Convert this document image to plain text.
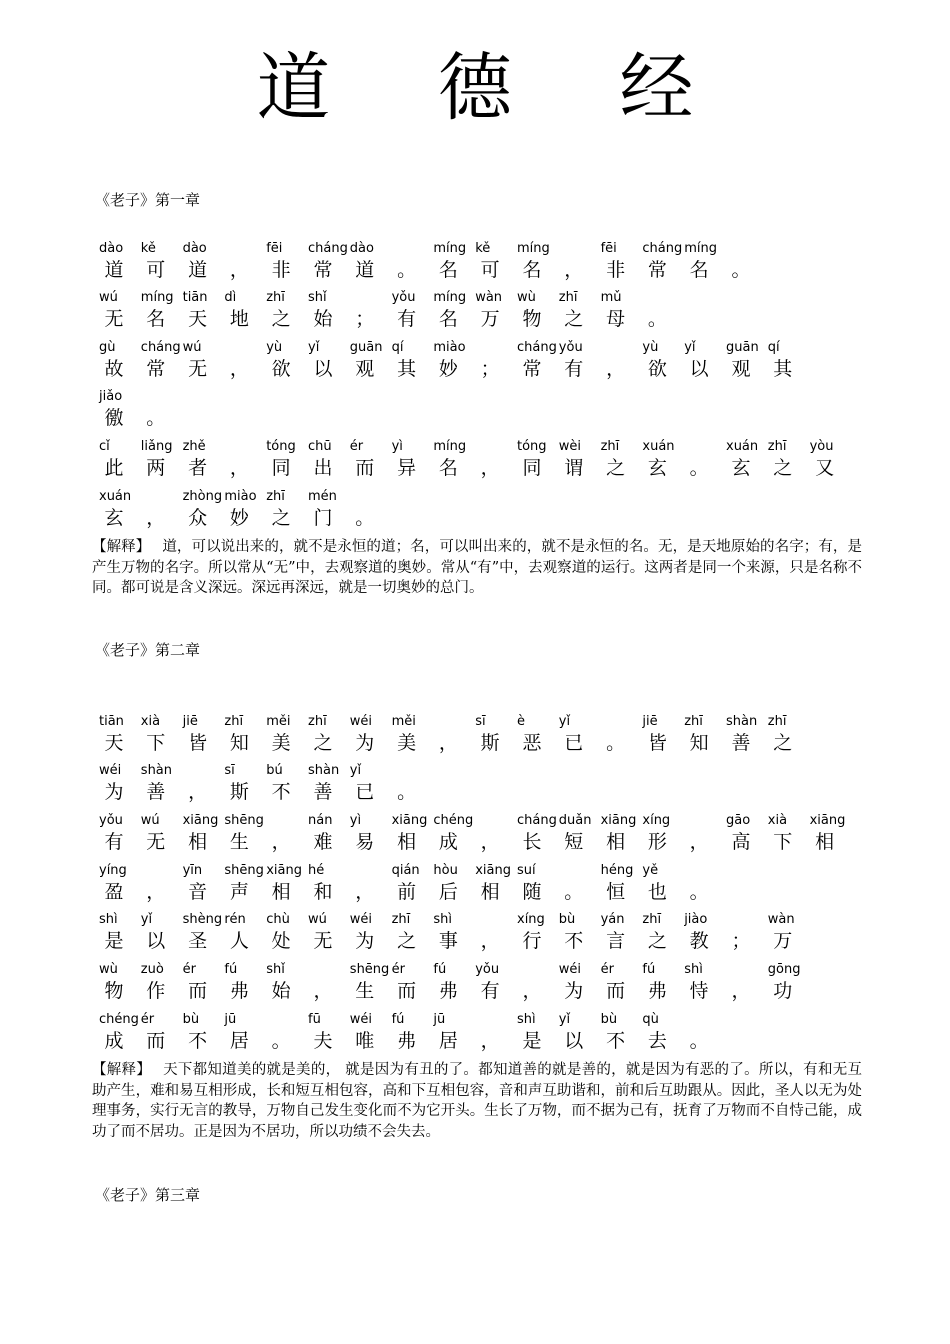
道 德 经
《老子》第一章
dào
道
kě
可
dào
道 ，
fēi
非
cháng
常
dào
道 。
míng
名
kě
可
míng
名 ，
fēi
非
cháng
常
míng
名 。
wú
无
míng
名
tiān
天
dì
地
zhī
之
shǐ
始 ；
yǒu
有
míng
名
wàn
万
wù
物
zhī
之
mǔ
母 。
gù
故
cháng
常
wú
无 ，
yù
欲
yǐ
以
guān
观
qí
其
miào
妙 ；
cháng
常
yǒu
有 ，
yù
欲
yǐ
以
guān
观
qí
其
jiǎo
徼 。
cǐ
此
liǎng
两
zhě
者 ，
tóng
同
chū
出
ér
而
yì
异
míng
名 ，
tóng
同
wèi
谓
zhī
之
xuán
玄 。
xuán
玄
zhī
之
yòu
又
xuán
玄 ，
zhòng
众
miào
妙
zhī
之
mén
门 。
【解释】 道，可以说出来的，就不是永恒的道；名，可以叫出来的，就不是永恒的名。无，是天地原始的名字；有，是产生万物的名字。所以常从“无”中，去观察道的奥妙。常从“有”中，去观察道的运行。这两者是同一个来源，只是名称不同。都可说是含义深远。深远再深远，就是一切奥妙的总门。
《老子》第二章
tiān
天
xià
下
jiē
皆
zhī
知
měi
美
zhī
之
wéi
为
měi
美 ，
sī
斯
è
恶
yǐ
已 。
jiē
皆
zhī
知
shàn
善
zhī
之
wéi
为
shàn
善 ，
sī
斯
bú
不
shàn
善
yǐ
已 。
yǒu
有
wú
无
xiāng
相
shēng
生 ，
nán
难
yì
易
xiāng
相
chéng
成 ，
cháng
长
duǎn
短
xiāng
相
xíng
形 ，
gāo
高
xià
下
xiāng
相
yíng
盈 ，
yīn
音
shēng
声
xiāng
相
hé
和 ，
qián
前
hòu
后
xiāng
相
suí
随 。
héng
恒
yě
也 。
shì
是
yǐ
以
shèng
圣
rén
人
chù
处
wú
无
wéi
为
zhī
之
shì
事 ，
xíng
行
bù
不
yán
言
zhī
之
jiào
教 ；
wàn
万
wù
物
zuò
作
ér
而
fú
弗
shǐ
始 ，
shēng
生
ér
而
fú
弗
yǒu
有 ，
wéi
为
ér
而
fú
弗
shì
恃 ，
gōng
功
chéng
成
ér
而
bù
不
jū
居 。
fū
夫
wéi
唯
fú
弗
jū
居 ，
shì
是
yǐ
以
bù
不
qù
去 。
【解释】 天下都知道美的就是美的， 就是因为有丑的了。都知道善的就是善的，就是因为有恶的了。所以，有和无互助产生，难和易互相形成，长和短互相包容，高和下互相包容，音和声互助谐和，前和后互助跟从。因此，圣人以无为处理事务，实行无言的教导，万物自己发生变化而不为它开头。生长了万物，而不据为己有，抚育了万物而不自恃己能，成功了而不居功。正是因为不居功，所以功绩不会失去。
《老子》第三章
